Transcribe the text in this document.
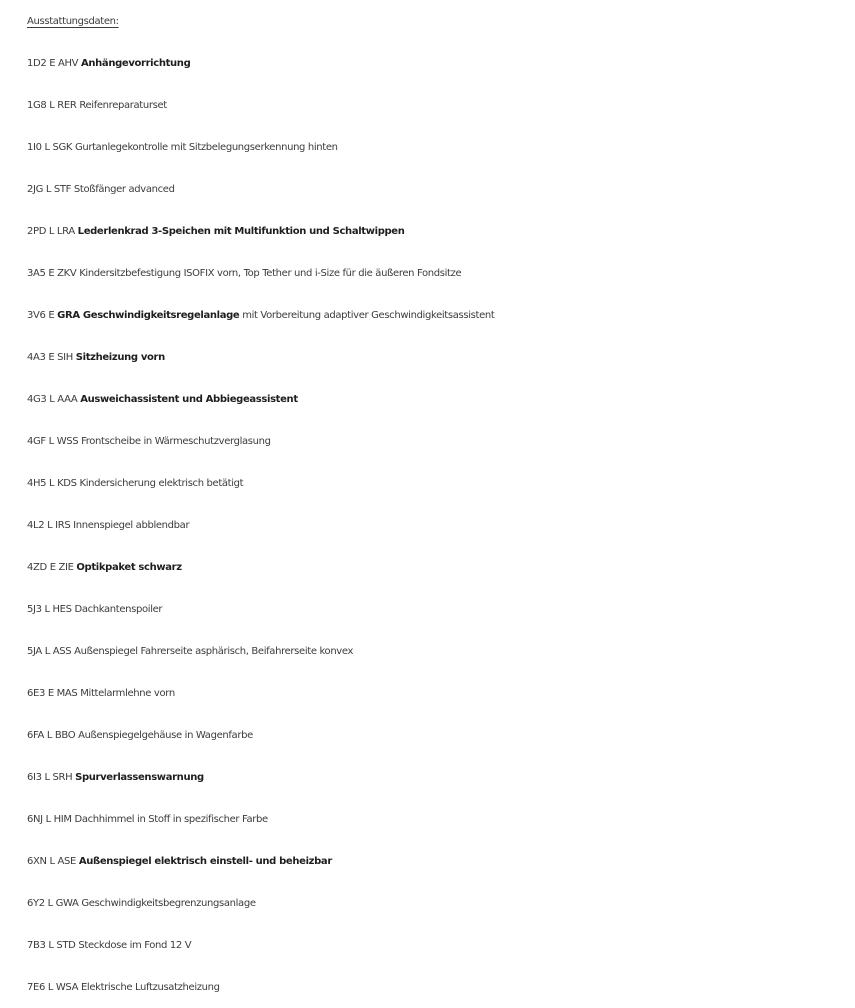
Ausstattungsdaten:
1D2 E AHV Anhängevorrichtung
1G8 L RER Reifenreparaturset
1I0 L SGK Gurtanlegekontrolle mit Sitzbelegungserkennung hinten
2JG L STF Stoßfänger advanced
2PD L LRA Lederlenkrad 3-Speichen mit Multifunktion und Schaltwippen
3A5 E ZKV Kindersitzbefestigung ISOFIX vorn, Top Tether und i-Size für die äußeren Fondsitze
3V6 E GRA Geschwindigkeitsregelanlage mit Vorbereitung adaptiver Geschwindigkeitsassistent
4A3 E SIH Sitzheizung vorn
4G3 L AAA Ausweichassistent und Abbiegeassistent
4GF L WSS Frontscheibe in Wärmeschutzverglasung
4H5 L KDS Kindersicherung elektrisch betätigt
4L2 L IRS Innenspiegel abblendbar
4ZD E ZIE Optikpaket schwarz
5J3 L HES Dachkantenspoiler
5JA L ASS Außenspiegel Fahrerseite asphärisch, Beifahrerseite konvex
6E3 E MAS Mittelarmlehne vorn
6FA L BBO Außenspiegelgehäuse in Wagenfarbe
6I3 L SRH Spurverlassenswarnung
6NJ L HIM Dachhimmel in Stoff in spezifischer Farbe
6XN L ASE Außenspiegel elektrisch einstell- und beheizbar
6Y2 L GWA Geschwindigkeitsbegrenzungsanlage
7B3 L STD Steckdose im Fond 12 V
7E6 L WSA Elektrische Luftzusatzheizung
